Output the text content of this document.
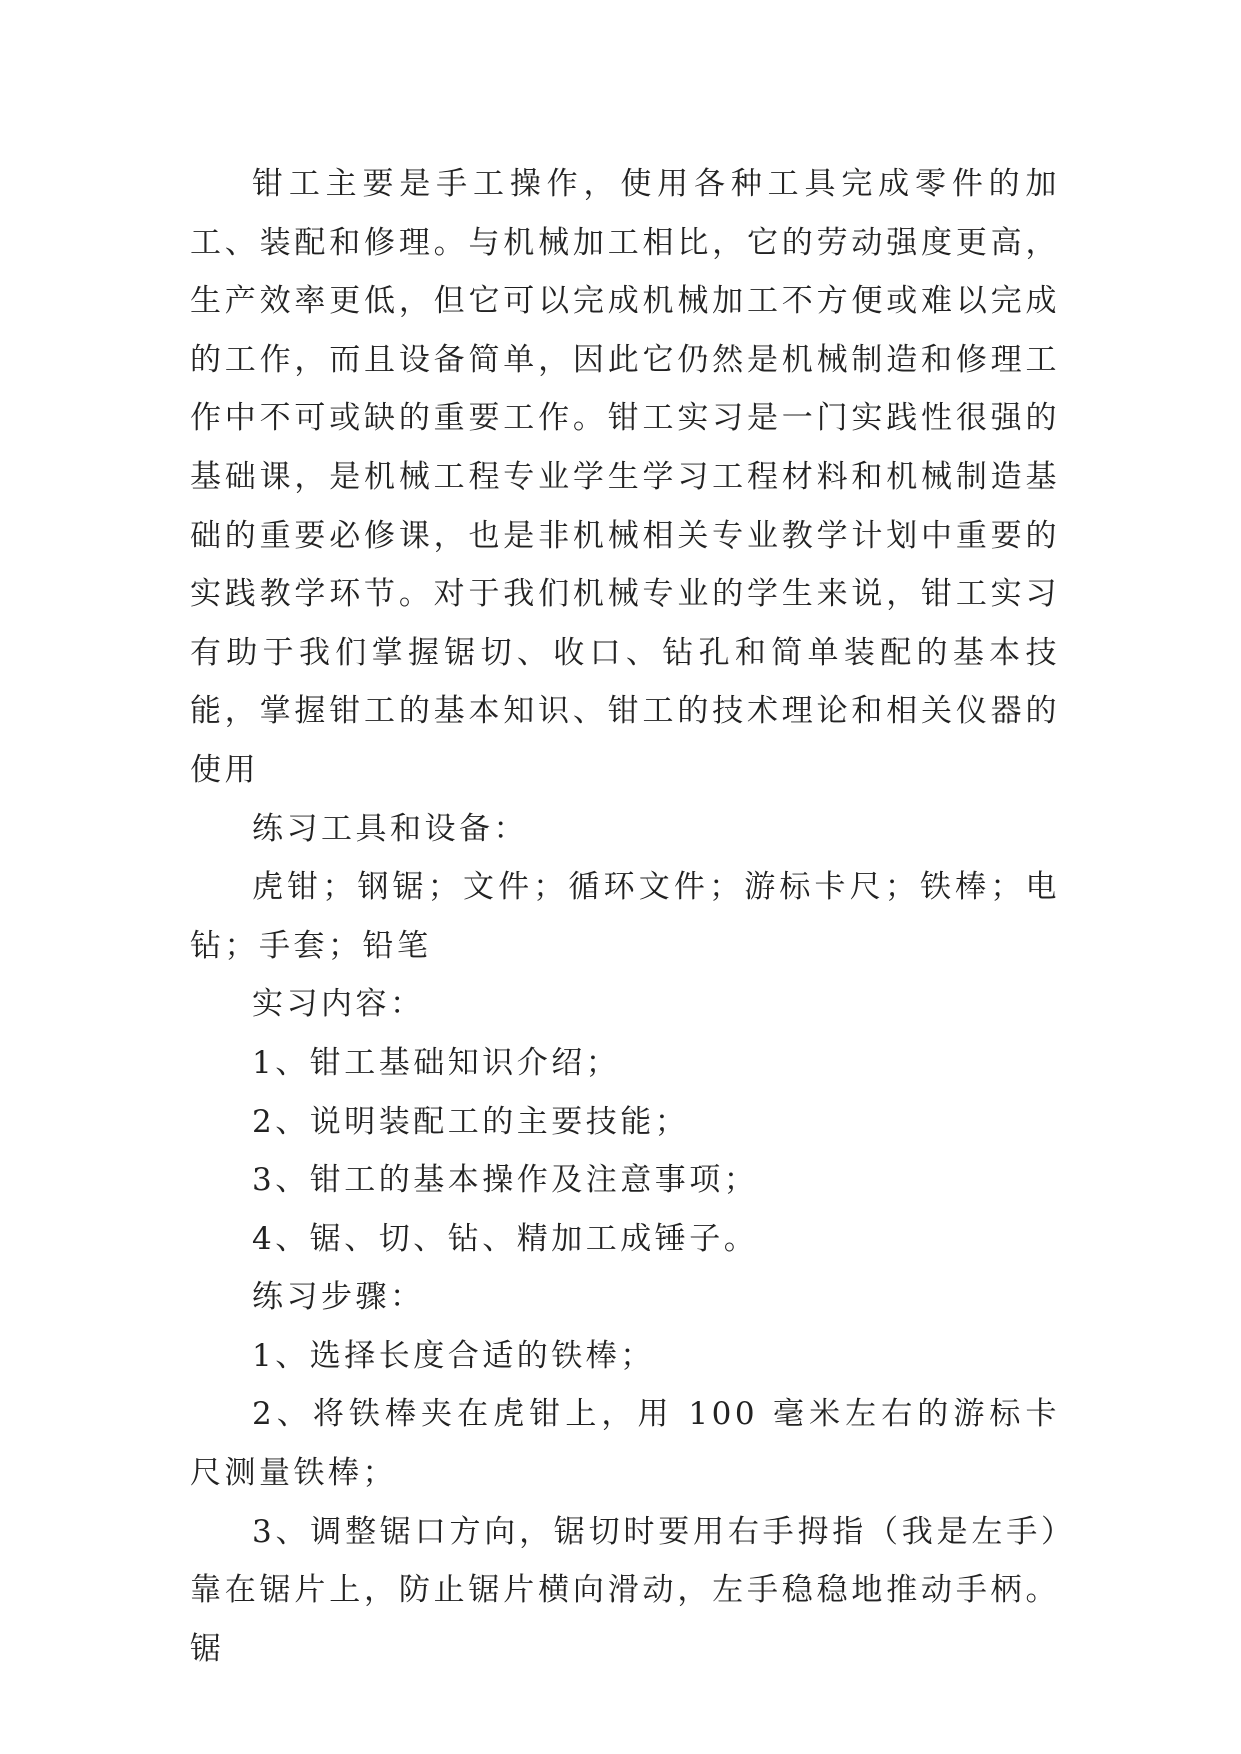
钳工主要是手工操作，使用各种工具完成零件的加工、装配和修理。与机械加工相比，它的劳动强度更高，生产效率更低，但它可以完成机械加工不方便或难以完成的工作，而且设备简单，因此它仍然是机械制造和修理工作中不可或缺的重要工作。钳工实习是一门实践性很强的基础课，是机械工程专业学生学习工程材料和机械制造基础的重要必修课，也是非机械相关专业教学计划中重要的实践教学环节。对于我们机械专业的学生来说，钳工实习有助于我们掌握锯切、收口、钻孔和简单装配的基本技能，掌握钳工的基本知识、钳工的技术理论和相关仪器的使用

练习工具和设备：

虎钳；钢锯；文件；循环文件；游标卡尺；铁棒；电钻；手套；铅笔

实习内容：

1、钳工基础知识介绍；

2、说明装配工的主要技能；

3、钳工的基本操作及注意事项；

4、锯、切、钻、精加工成锤子。

练习步骤：

1、选择长度合适的铁棒；

2、将铁棒夹在虎钳上，用 100 毫米左右的游标卡尺测量铁棒；

3、调整锯口方向，锯切时要用右手拇指（我是左手）靠在锯片上，防止锯片横向滑动，左手稳稳地推动手柄。锯
